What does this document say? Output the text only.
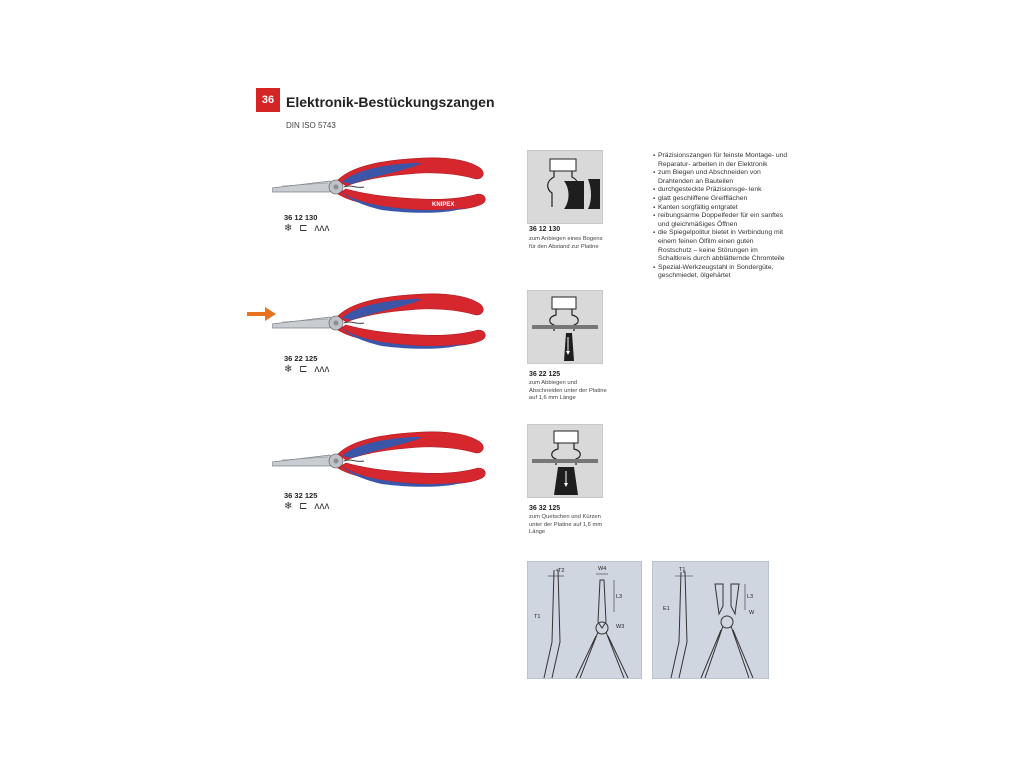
36 Elektronik-Bestückungszangen
DIN ISO 5743
KNIPEX
36 12 130
❄ ⊏ ʌʌʌ
36 22 125
❄ ⊏ ʌʌʌ
36 32 125
❄ ⊏ ʌʌʌ
36 12 130
zum Anbiegen eines Bogens für den Abstand zur Platine
36 22 125
zum Abbiegen und Abschneiden unter der Platine auf 1,6 mm Länge
36 32 125
zum Quetschen und Kürzen unter der Platine auf 1,6 mm Länge
▪ Präzisionszangen für feinste Montage- und Reparatur- arbeiten in der Elektronik
▪ zum Biegen und Abschneiden von Drahtenden an Bauteilen
▪ durchgesteckte Präzisionsge- lenk
▪ glatt geschliffene Greifflächen
▪ Kanten sorgfältig entgratet
▪ reibungsarme Doppelfeder für ein sanftes und gleichmäßiges Öffnen
▪ die Spiegelpolitur bietet in Verbindung mit einem feinen Ölfilm einen guten Rostschutz – keine Störungen im Schaltkreis durch abblätternde Chromteile
▪ Spezial-Werkzeugstahl in Sondergüte, geschmiedet, ölgehärtet
T2	W4
L3
T1
W3
T1
E1
L3
W
